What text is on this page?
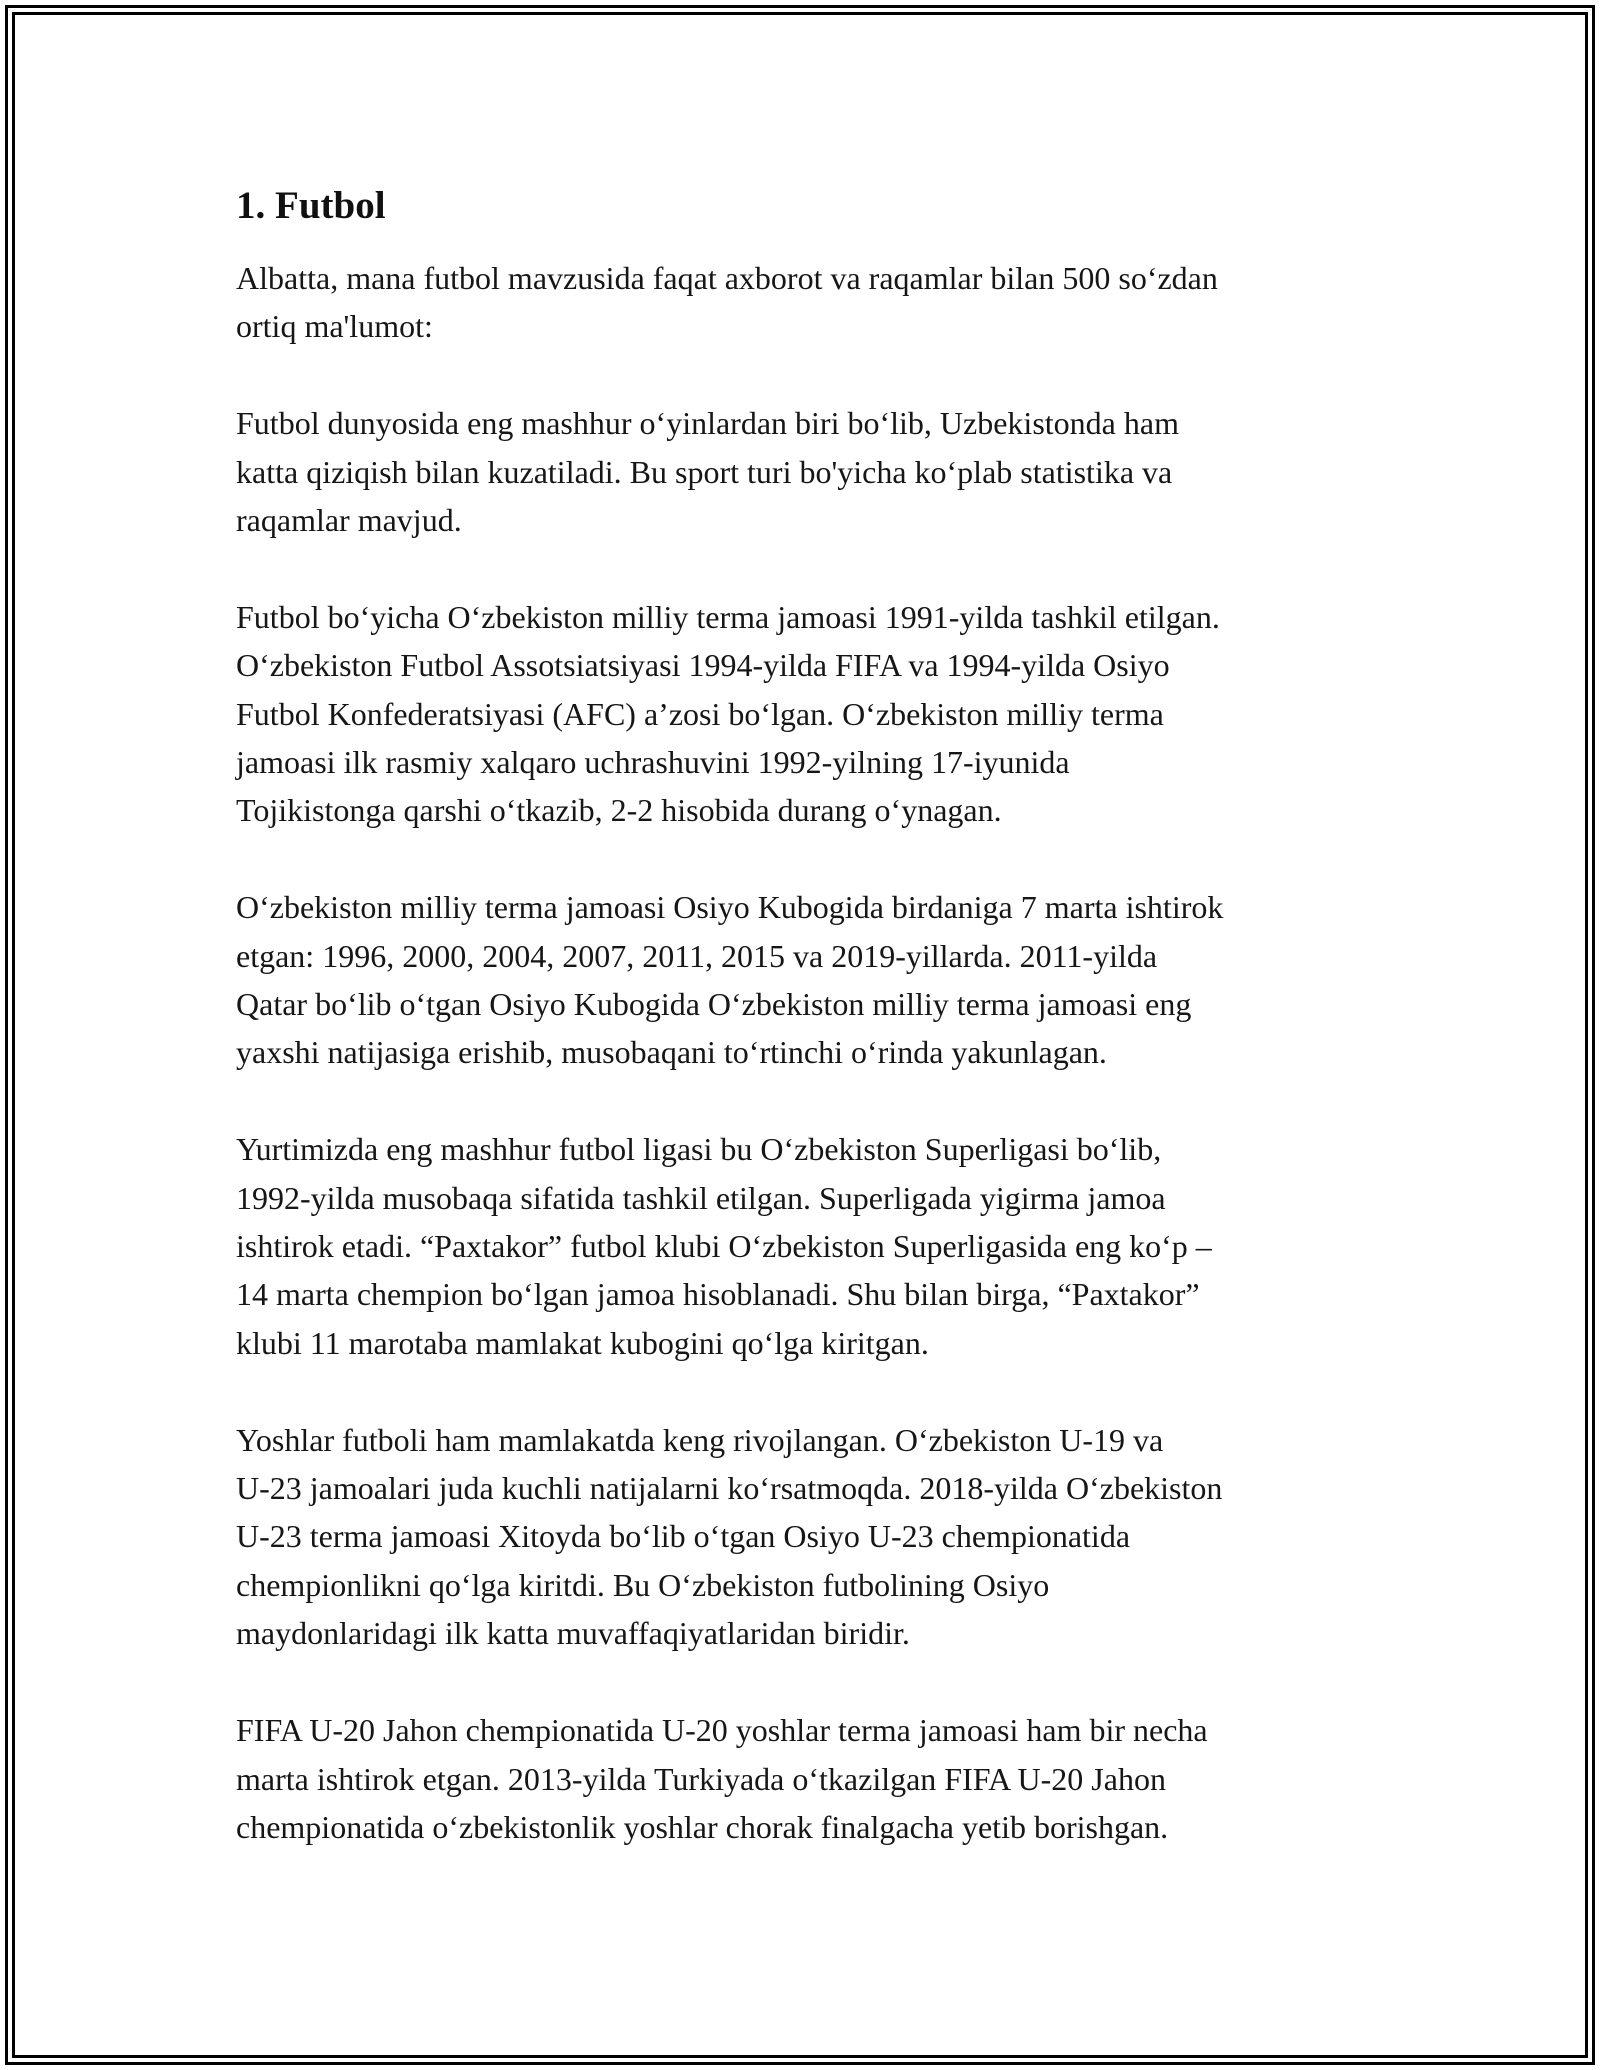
1. Futbol

Albatta, mana futbol mavzusida faqat axborot va raqamlar bilan 500 so‘zdan
ortiq ma'lumot:

Futbol dunyosida eng mashhur o‘yinlardan biri bo‘lib, Uzbekistonda ham
katta qiziqish bilan kuzatiladi. Bu sport turi bo'yicha ko‘plab statistika va
raqamlar mavjud.

Futbol bo‘yicha O‘zbekiston milliy terma jamoasi 1991-yilda tashkil etilgan.
O‘zbekiston Futbol Assotsiatsiyasi 1994-yilda FIFA va 1994-yilda Osiyo
Futbol Konfederatsiyasi (AFC) a’zosi bo‘lgan. O‘zbekiston milliy terma
jamoasi ilk rasmiy xalqaro uchrashuvini 1992-yilning 17-iyunida
Tojikistonga qarshi o‘tkazib, 2-2 hisobida durang o‘ynagan.

O‘zbekiston milliy terma jamoasi Osiyo Kubogida birdaniga 7 marta ishtirok
etgan: 1996, 2000, 2004, 2007, 2011, 2015 va 2019-yillarda. 2011-yilda
Qatar bo‘lib o‘tgan Osiyo Kubogida O‘zbekiston milliy terma jamoasi eng
yaxshi natijasiga erishib, musobaqani to‘rtinchi o‘rinda yakunlagan.

Yurtimizda eng mashhur futbol ligasi bu O‘zbekiston Superligasi bo‘lib,
1992-yilda musobaqa sifatida tashkil etilgan. Superligada yigirma jamoa
ishtirok etadi. “Paxtakor” futbol klubi O‘zbekiston Superligasida eng ko‘p –
14 marta chempion bo‘lgan jamoa hisoblanadi. Shu bilan birga, “Paxtakor”
klubi 11 marotaba mamlakat kubogini qo‘lga kiritgan.

Yoshlar futboli ham mamlakatda keng rivojlangan. O‘zbekiston U-19 va
U-23 jamoalari juda kuchli natijalarni ko‘rsatmoqda. 2018-yilda O‘zbekiston
U-23 terma jamoasi Xitoyda bo‘lib o‘tgan Osiyo U-23 chempionatida
chempionlikni qo‘lga kiritdi. Bu O‘zbekiston futbolining Osiyo
maydonlaridagi ilk katta muvaffaqiyatlaridan biridir.

FIFA U-20 Jahon chempionatida U-20 yoshlar terma jamoasi ham bir necha
marta ishtirok etgan. 2013-yilda Turkiyada o‘tkazilgan FIFA U-20 Jahon
chempionatida o‘zbekistonlik yoshlar chorak finalgacha yetib borishgan.
